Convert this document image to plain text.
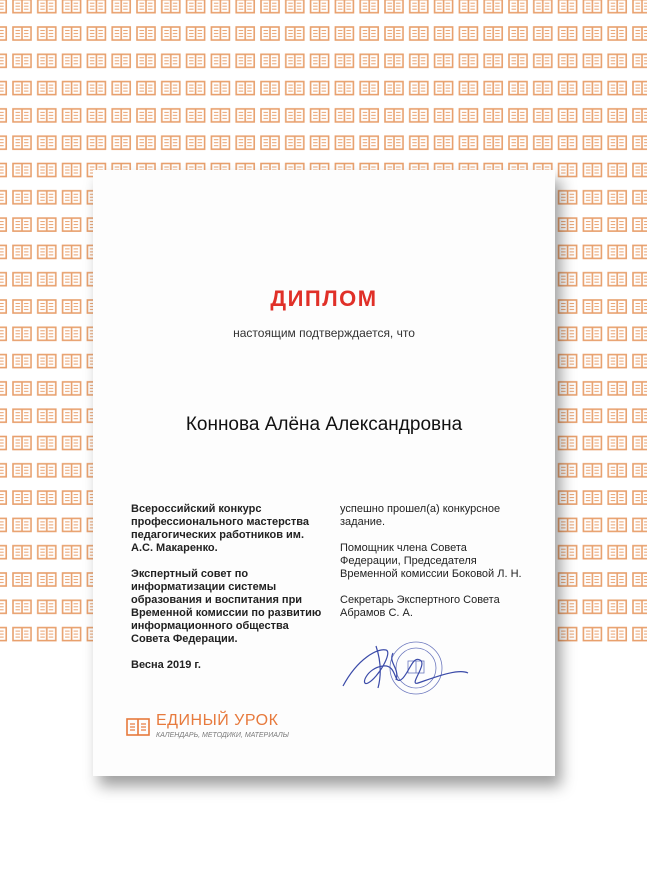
ДИПЛОМ
настоящим подтверждается, что
Коннова Алёна Александровна

Всероссийский конкурс профессионального мастерства педагогических работников им. А.С. Макаренко.

Экспертный совет по информатизации системы образования и воспитания при Временной комиссии по развитию информационного общества Совета Федерации.

Весна 2019 г.

успешно прошел(а) конкурсное задание.

Помощник члена Совета Федерации, Председателя Временной комиссии Боковой Л. Н.

Секретарь Экспертного Совета Абрамов С. А.

ЕДИНЫЙ УРОК
КАЛЕНДАРЬ, МЕТОДИКИ, МАТЕРИАЛЫ
